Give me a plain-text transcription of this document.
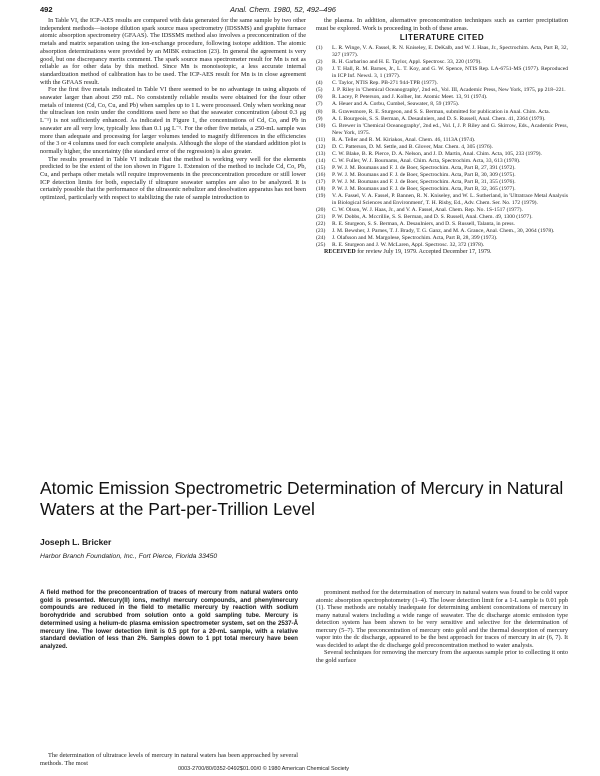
492	Anal. Chem. 1980, 52, 492–496

In Table VI, the ICP-AES results are compared with data generated for the same sample by two other independent methods—isotope dilution spark source mass spectrometry (IDSSMS) and graphite furnace atomic absorption spectrometry (GFAAS). The IDSSMS method also involves a preconcentration of the metals and matrix separation using the ion-exchange procedure, following isotope addition. The atomic absorption determinations were provided by an MIBK extraction (23). In general the agreement is very good, but one discrepancy merits comment. The spark source mass spectrometer result for Mn is not as reliable as for other data by this method. Since Mn is monoisotopic, a less accurate internal standardization method of calibration has to be used. The ICP-AES result for Mn is in close agreement with the GFAAS result.

For the first five metals indicated in Table VI there seemed to be no advantage in using aliquots of seawater larger than about 250 mL. No consistently reliable results were obtained for the four other metals of interest (Cd, Co, Cu, and Pb) when samples up to 1 L were processed. Only when working near the ultraclean ion resin under the conditions used here so that the seawater concentration (about 0.3 μg L⁻¹) is not sufficiently enhanced. As indicated in Figure 1, the concentrations of Cd, Co, and Pb in seawater are all very low, typically less than 0.1 μg L⁻¹. For the other five metals, a 250-mL sample was more than adequate and processing for larger volumes tended to magnify differences in the efficiencies of the 3 or 4 columns used for each complete analysis. Although the slope of the standard addition plot is normally higher, the uncertainty (the standard error of the regression) is also greater.

The results presented in Table VI indicate that the method is working very well for the elements predicted to be the extent of the ion shown in Figure 1. Extension of the method to include Cd, Co, Pb, Cu, and perhaps other metals will require improvements in the preconcentration procedure or still lower ICP detection limits for both, especially if ultrapure seawater samples are also to be analyzed. It is certainly possible that the performance of the ultrasonic nebulizer and desolvation apparatus has not been optimized, particularly with respect to stabilizing the rate of sample introduction to

the plasma. In addition, alternative preconcentration techniques such as carrier precipitation must be explored. Work is proceeding in both of these areas.

LITERATURE CITED
(1)	L. R. Winge, V. A. Fassel, R. N. Kniseley, E. DeKalb, and W. J. Haas, Jr., Spectrochim. Acta, Part B, 32, 327 (1977).
(2)	R. H. Garbarino and H. E. Taylor, Appl. Spectrosc. 33, 220 (1979).
(3)	J. T. Hall, R. M. Barnes, Jr., L. T. Koy, and G. W. Spence, NTIS Rep. LA-6751-MS (1977). Reproduced in ICP Inf. Newsl. 3, 1 (1977).
(4)	C. Taylor, NTIS Rep. PB-271 944-TPB (1977).
(5)	J. P. Riley in 'Chemical Oceanography', 2nd ed., Vol. III, Academic Press, New York, 1975, pp 218–221.
(6)	R. Lacey, P. Peterson, and J. Kolher, Int. Atomic Meet. 13, 91 (1974).
(7)	A. Heuer and A. Corbu, Cumbel, Seawater, 8, 59 (1975).
(8)	R. Gravesmore, R. E. Sturgeon, and S. S. Berman, submitted for publication in Anal. Chim. Acta.
(9)	A. I. Bourgeois, S. S. Berman, A. Desaulniers, and D. S. Russell, Anal. Chem. 41, 2364 (1979).
(10)	G. Brewer in 'Chemical Oceanography', 2nd ed., Vol. I, J. P. Riley and G. Skirrow, Eds., Academic Press, New York, 1975.
(11)	R. A. Teller and R. M. Kiriakos, Anal. Chem. 46, 1113A (1974).
(12)	D. C. Patterson, D. M. Settle, and B. Glover, Mar. Chem. 4, 305 (1976).
(13)	C. W. Blake, B. R. Pierce, D. A. Nelson, and J. D. Martin, Anal. Chim. Acta, 105, 233 (1979).
(14)	C. W. Fuller, W. J. Bournams, Anal. Chim. Acta, Spectrochim. Acta, 33, 613 (1978).
(15)	P. W. J. M. Boumans and F. J. de Boer, Spectrochim. Acta, Part B, 27, 391 (1972).
(16)	P. W. J. M. Boumans and F. J. de Boer, Spectrochim. Acta, Part B, 30, 309 (1975).
(17)	P. W. J. M. Boumans and F. J. de Boer, Spectrochim. Acta, Part B, 31, 355 (1976).
(18)	P. W. J. M. Boumans and F. J. de Boer, Spectrochim. Acta, Part B, 32, 365 (1977).
(19)	V. A. Fassel, V. A. Fassel, P. Bannen, R. N. Kniseley, and W. L. Sutherland, in 'Ultratrace Metal Analysis in Biological Sciences and Environment', T. H. Risby, Ed., Adv. Chem. Ser. No. 172 (1979).
(20)	C. W. Olson, W. J. Haas, Jr., and V. A. Fassel, Anal. Chem. Rep. No. 1S-1517 (1977).
(21)	P. W. Dobbs, A. Mccrillie, S. S. Berman, and D. S. Russell, Anal. Chem. 49, 1300 (1977).
(22)	R. E. Sturgeon, S. S. Berman, A. Desaulniers, and D. S. Russell, Talanta, in press.
(23)	J. M. Bewsher, J. Parnes, T. J. Brady, T. G. Ganz, and M. A. Grance, Anal. Chem., 30, 2064 (1978).
(24)	J. Olafsson and M. Margolese, Spectrochim. Acta, Part B, 28, 399 (1973).
(25)	R. E. Sturgeon and J. W. McLaren, Appl. Spectrosc. 32, 372 (1978).

RECEIVED for review July 19, 1979. Accepted December 17, 1979.

Atomic Emission Spectrometric Determination of Mercury in Natural Waters at the Part-per-Trillion Level
Joseph L. Bricker
Harbor Branch Foundation, Inc., Fort Pierce, Florida 33450
A field method for the preconcentration of traces of mercury from natural waters onto gold is presented. Mercury(II) ions, methyl mercury compounds, and phenylmercury compounds are reduced in the field to metallic mercury by reaction with sodium borohydride and scrubbed from solution onto a gold sampling tube. Mercury is determined using a helium-dc plasma emission spectrometer system, set on the 2537-Å mercury line. The lower detection limit is 0.5 ppt for a 20-mL sample, with a relative standard deviation of less than 2%. Samples down to 1 ppt total mercury have been analyzed.

The determination of ultratrace levels of mercury in natural waters has been approached by several methods. The most

prominent method for the determination of mercury in natural waters was found to be cold vapor atomic absorption spectrophotometry (1–4). The lower detection limit for a 1-L sample is 0.01 ppb (1). These methods are notably inadequate for determining ambient concentrations of mercury in many natural waters including a wide range of seawater. The dc discharge atomic emission type detection system has been shown to be very sensitive and selective for the determination of mercury (5–7). The preconcentration of mercury onto gold and the thermal desorption of mercury vapor into the dc discharge, appeared to be the best approach for traces of mercury in air (6, 7). It was decided to adapt the dc discharge gold preconcentration method to water analysis.

Several techniques for removing the mercury from the aqueous sample prior to collecting it onto the gold surface

0003-2700/80/0352-0492$01.00/0 © 1980 American Chemical Society
